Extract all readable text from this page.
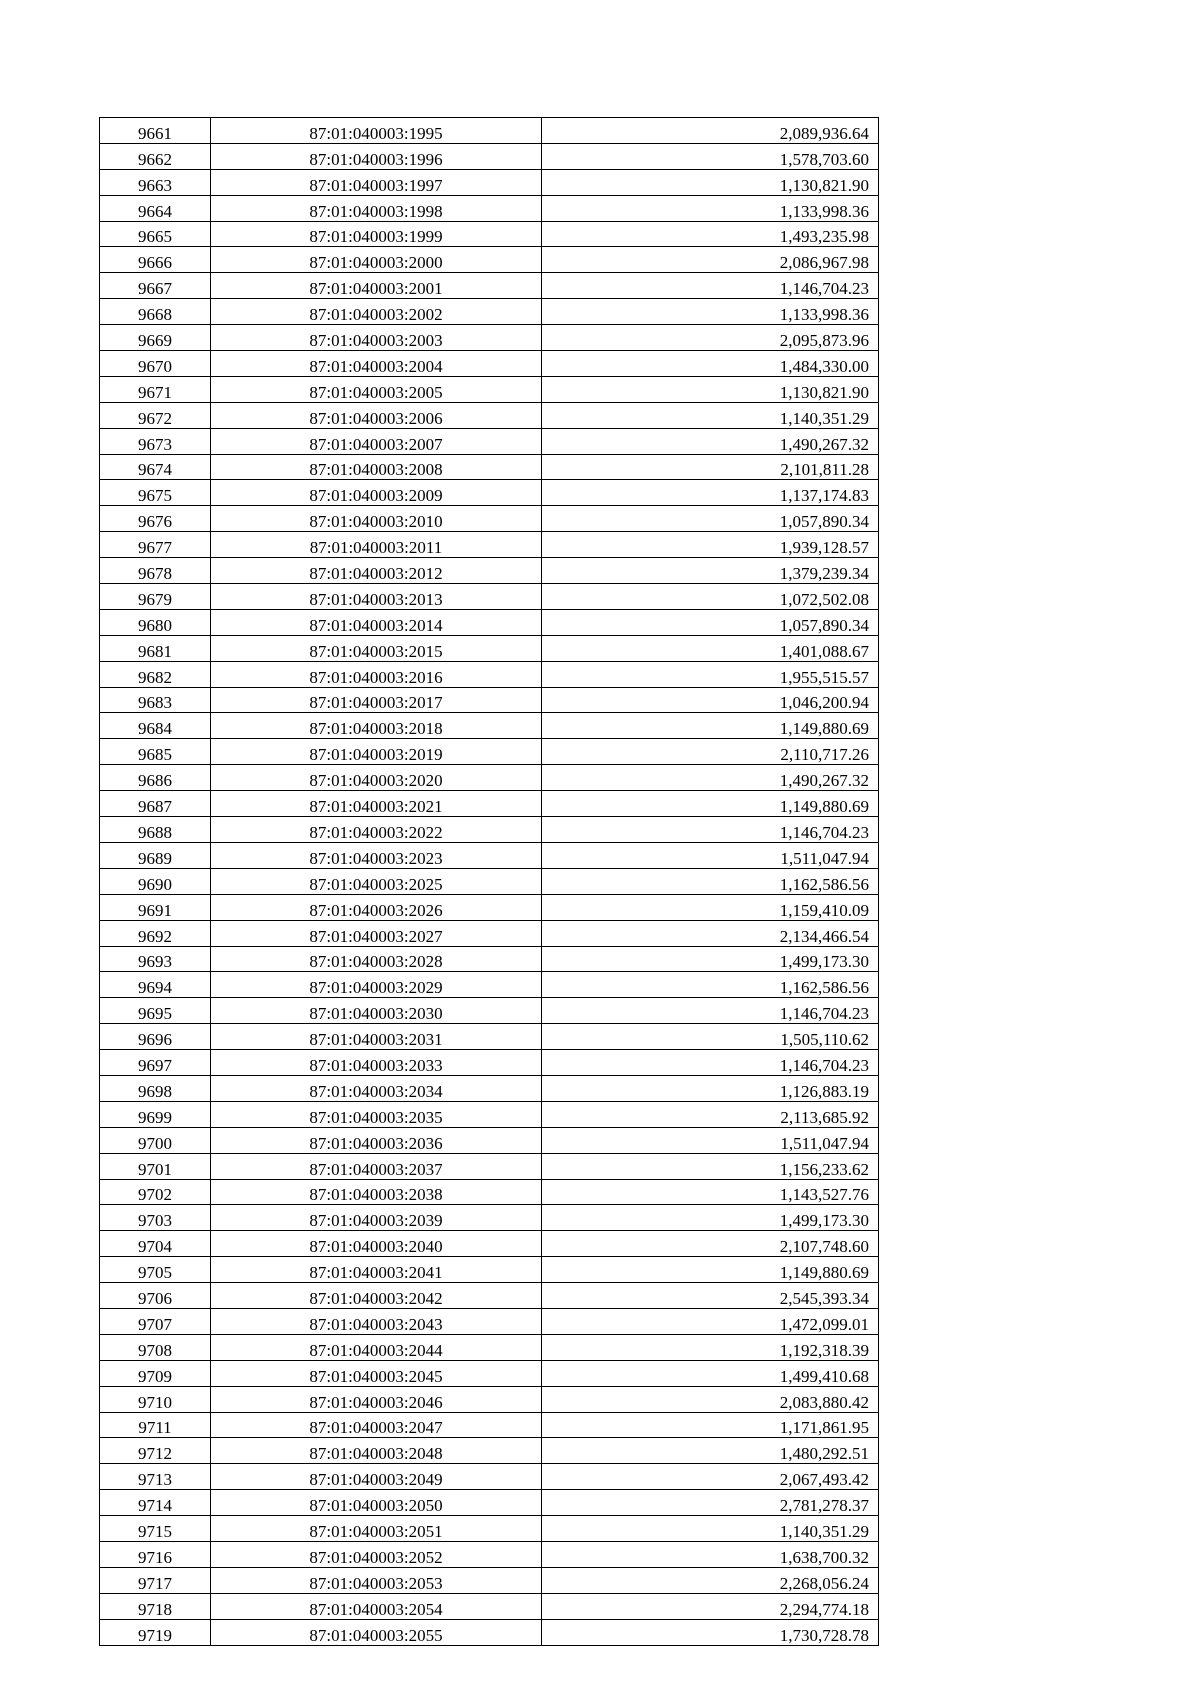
9661	87:01:040003:1995	2,089,936.64
9662	87:01:040003:1996	1,578,703.60
9663	87:01:040003:1997	1,130,821.90
9664	87:01:040003:1998	1,133,998.36
9665	87:01:040003:1999	1,493,235.98
9666	87:01:040003:2000	2,086,967.98
9667	87:01:040003:2001	1,146,704.23
9668	87:01:040003:2002	1,133,998.36
9669	87:01:040003:2003	2,095,873.96
9670	87:01:040003:2004	1,484,330.00
9671	87:01:040003:2005	1,130,821.90
9672	87:01:040003:2006	1,140,351.29
9673	87:01:040003:2007	1,490,267.32
9674	87:01:040003:2008	2,101,811.28
9675	87:01:040003:2009	1,137,174.83
9676	87:01:040003:2010	1,057,890.34
9677	87:01:040003:2011	1,939,128.57
9678	87:01:040003:2012	1,379,239.34
9679	87:01:040003:2013	1,072,502.08
9680	87:01:040003:2014	1,057,890.34
9681	87:01:040003:2015	1,401,088.67
9682	87:01:040003:2016	1,955,515.57
9683	87:01:040003:2017	1,046,200.94
9684	87:01:040003:2018	1,149,880.69
9685	87:01:040003:2019	2,110,717.26
9686	87:01:040003:2020	1,490,267.32
9687	87:01:040003:2021	1,149,880.69
9688	87:01:040003:2022	1,146,704.23
9689	87:01:040003:2023	1,511,047.94
9690	87:01:040003:2025	1,162,586.56
9691	87:01:040003:2026	1,159,410.09
9692	87:01:040003:2027	2,134,466.54
9693	87:01:040003:2028	1,499,173.30
9694	87:01:040003:2029	1,162,586.56
9695	87:01:040003:2030	1,146,704.23
9696	87:01:040003:2031	1,505,110.62
9697	87:01:040003:2033	1,146,704.23
9698	87:01:040003:2034	1,126,883.19
9699	87:01:040003:2035	2,113,685.92
9700	87:01:040003:2036	1,511,047.94
9701	87:01:040003:2037	1,156,233.62
9702	87:01:040003:2038	1,143,527.76
9703	87:01:040003:2039	1,499,173.30
9704	87:01:040003:2040	2,107,748.60
9705	87:01:040003:2041	1,149,880.69
9706	87:01:040003:2042	2,545,393.34
9707	87:01:040003:2043	1,472,099.01
9708	87:01:040003:2044	1,192,318.39
9709	87:01:040003:2045	1,499,410.68
9710	87:01:040003:2046	2,083,880.42
9711	87:01:040003:2047	1,171,861.95
9712	87:01:040003:2048	1,480,292.51
9713	87:01:040003:2049	2,067,493.42
9714	87:01:040003:2050	2,781,278.37
9715	87:01:040003:2051	1,140,351.29
9716	87:01:040003:2052	1,638,700.32
9717	87:01:040003:2053	2,268,056.24
9718	87:01:040003:2054	2,294,774.18
9719	87:01:040003:2055	1,730,728.78
